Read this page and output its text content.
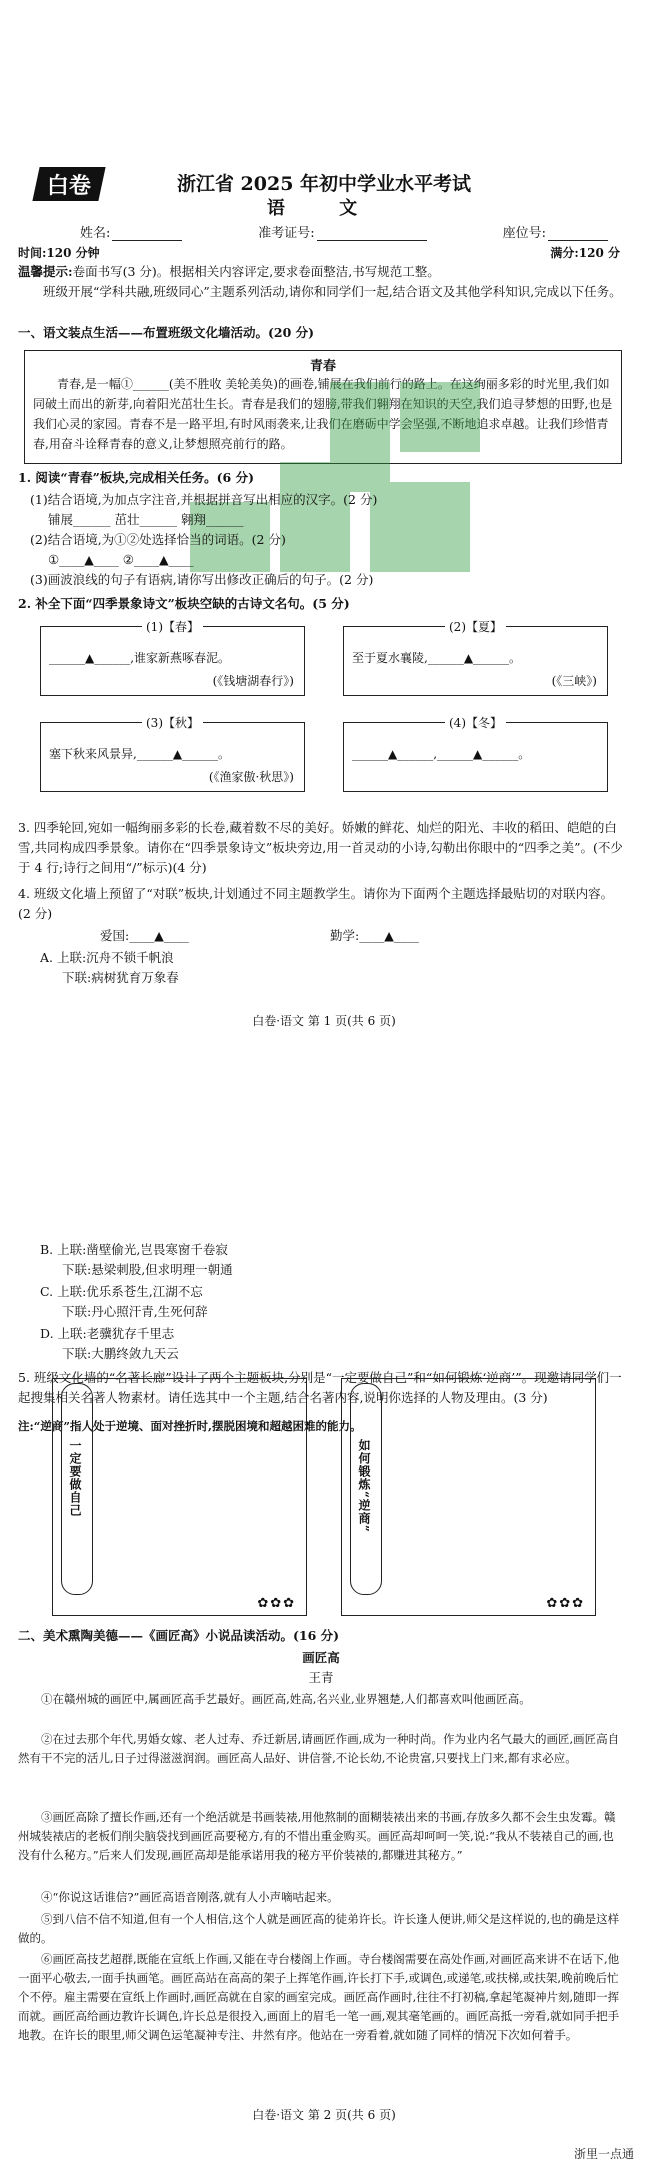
白卷	浙江省 2025 年初中学业水平考试
语 文
姓名:	准考证号:	座位号:
时间:120 分钟	满分:120 分
温馨提示:卷面书写(3 分)。根据相关内容评定,要求卷面整洁,书写规范工整。
班级开展“学科共融,班级同心”主题系列活动,请你和同学们一起,结合语文及其他学科知识,完成以下任务。
一、语文装点生活——布置班级文化墙活动。(20 分)
青春
青春,是一幅①______(美不胜收 美轮美奂)的画卷,铺展在我们前行的路上。在这绚丽多彩的时光里,我们如同破土而出的新芽,向着阳光茁壮生长。青春是我们的翅膀,带我们翱翔在知识的天空,我们追寻梦想的田野,也是我们心灵的家园。青春不是一路平坦,有时风雨袭来,让我们在磨砺中学会坚强,不断地追求卓越。让我们珍惜青春,用奋斗诠释青春的意义,让梦想照亮前行的路。
1. 阅读“青春”板块,完成相关任务。(6 分)
(1)结合语境,为加点字注音,并根据拼音写出相应的汉字。(2 分)
铺展______ 茁壮______ 翱翔______
(2)结合语境,为①②处选择恰当的词语。(2 分)
①____▲____ ②____▲____
(3)画波浪线的句子有语病,请你写出修改正确后的句子。(2 分)
2. 补全下面“四季景象诗文”板块空缺的古诗文名句。(5 分)
(1)【春】
______▲______,谁家新燕啄春泥。
(《钱塘湖春行》)
(2)【夏】
至于夏水襄陵,______▲______。
(《三峡》)
(3)【秋】
塞下秋来风景异,______▲______。
(《渔家傲·秋思》)
(4)【冬】
______▲______,______▲______。
3. 四季轮回,宛如一幅绚丽多彩的长卷,藏着数不尽的美好。娇嫩的鲜花、灿烂的阳光、丰收的稻田、皑皑的白雪,共同构成四季景象。请你在“四季景象诗文”板块旁边,用一首灵动的小诗,勾勒出你眼中的“四季之美”。(不少于 4 行;诗行之间用“/”标示)(4 分)
4. 班级文化墙上预留了“对联”板块,计划通过不同主题教学生。请你为下面两个主题选择最贴切的对联内容。(2 分)
爱国:____▲____	勤学:____▲____
A. 上联:沉舟不锁千帆浪
下联:病树犹育万象春
白卷·语文 第 1 页(共 6 页)
B. 上联:凿壁偷光,岂畏寒窗千卷寂
下联:悬梁刺股,但求明理一朝通
C. 上联:优乐系苍生,江湖不忘
下联:丹心照汗青,生死何辞
D. 上联:老骥犹存千里志
下联:大鹏终敛九天云
5. 班级文化墙的“名著长廊”设计了两个主题板块,分别是“一定要做自己”和“如何锻炼‘逆商’”。现邀请同学们一起搜集相关名著人物素材。请任选其中一个主题,结合名著内容,说明你选择的人物及理由。(3 分)
注:“逆商”指人处于逆境、面对挫折时,摆脱困境和超越困难的能力。
一定要做自己
✿✿✿
如何锻炼“逆商”
✿✿✿
二、美术熏陶美德——《画匠高》小说品读活动。(16 分)
画匠高
王青
①在赣州城的画匠中,属画匠高手艺最好。画匠高,姓高,名兴业,业界翘楚,人们都喜欢叫他画匠高。
②在过去那个年代,男婚女嫁、老人过寿、乔迁新居,请画匠作画,成为一种时尚。作为业内名气最大的画匠,画匠高自然有干不完的活儿,日子过得滋滋润润。画匠高人品好、讲信誉,不论长幼,不论贵富,只要找上门来,都有求必应。
③画匠高除了擅长作画,还有一个绝活就是书画装裱,用他熬制的面糊装裱出来的书画,存放多久都不会生虫发霉。赣州城装裱店的老板们削尖脑袋找到画匠高要秘方,有的不惜出重金购买。画匠高却呵呵一笑,说:“我从不装裱自己的画,也没有什么秘方。”后来人们发现,画匠高却是能承诺用我的秘方平价装裱的,都赚进其秘方。”
④“你说这话谁信?”画匠高语音刚落,就有人小声嘀咕起来。
⑤到八信不信不知道,但有一个人相信,这个人就是画匠高的徒弟许长。许长逢人便讲,师父是这样说的,也的确是这样做的。
⑥画匠高技艺超群,既能在宣纸上作画,又能在寺台楼阁上作画。寺台楼阁需要在高处作画,对画匠高来讲不在话下,他一面平心敬去,一面手执画笔。画匠高站在高高的架子上挥笔作画,许长打下手,或调色,或递笔,或扶梯,或扶架,晚前晚后忙个不停。雇主需要在宣纸上作画时,画匠高就在自家的画室完成。画匠高作画时,往往不打初稿,拿起笔凝神片刻,随即一挥而就。画匠高给画边教许长调色,许长总是很投入,画面上的眉毛一笔一画,观其毫笔画的。画匠高抵一旁看,就如同手把手地教。在许长的眼里,师父调色运笔凝神专注、井然有序。他站在一旁看着,就如随了同样的情况下次如何着手。
白卷·语文 第 2 页(共 6 页)
浙里一点通
